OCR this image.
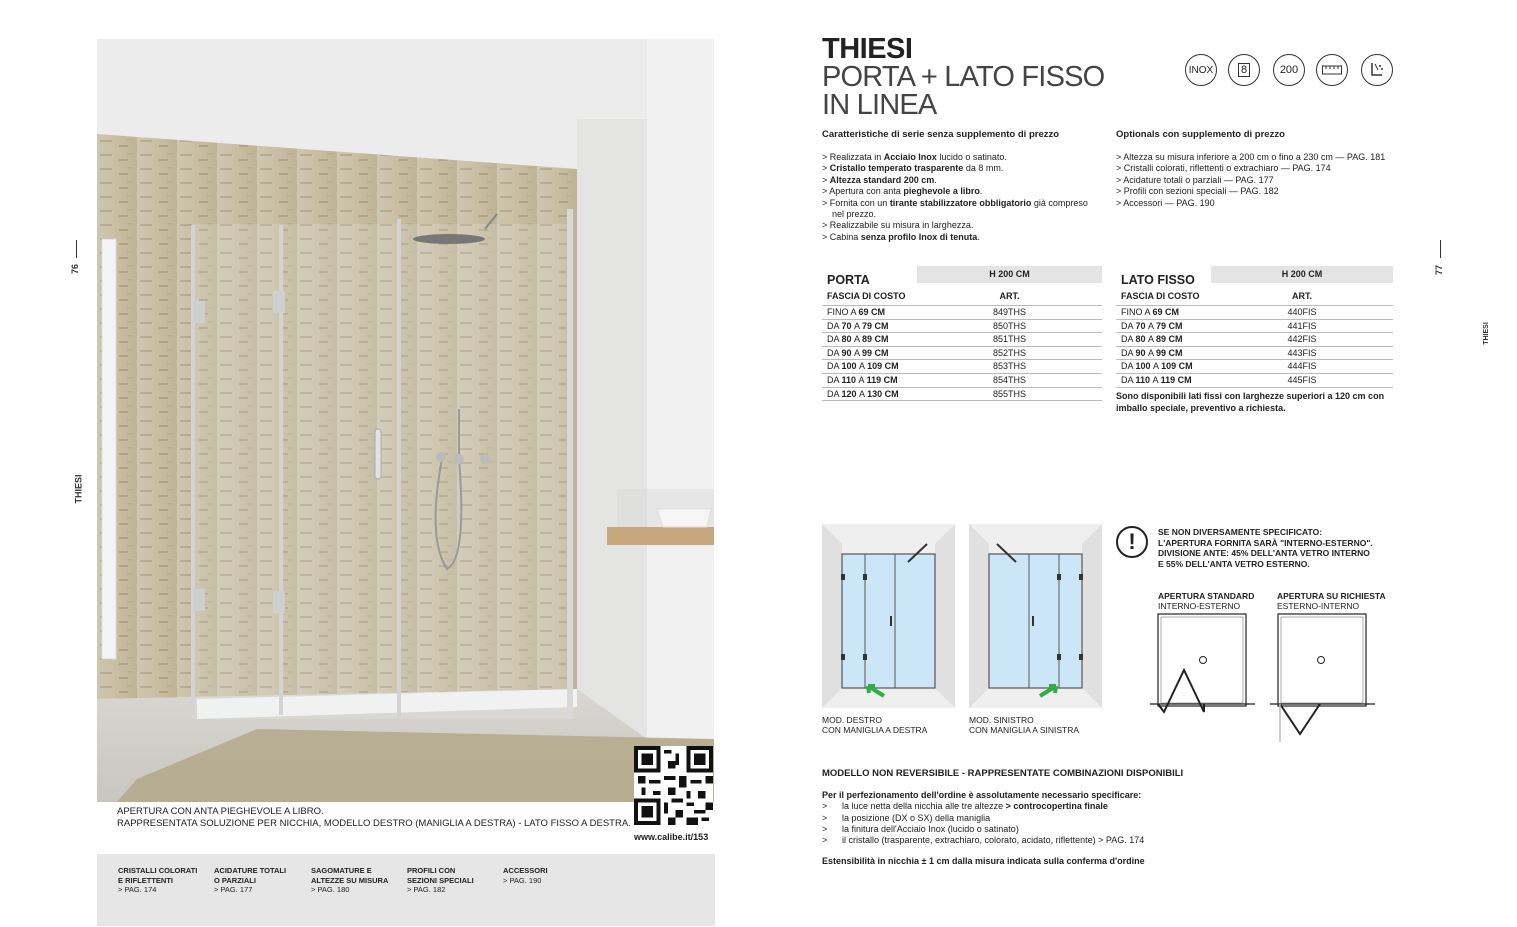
76
THIESI
APERTURA CON ANTA PIEGHEVOLE A LIBRO.
RAPPRESENTATA SOLUZIONE PER NICCHIA, MODELLO DESTRO (MANIGLIA A DESTRA) - LATO FISSO A DESTRA.
www.calibe.it/153
CRISTALLI COLORATI
E RIFLETTENTI
> PAG. 174
ACIDATURE TOTALI
O PARZIALI
> PAG. 177
SAGOMATURE E
ALTEZZE SU MISURA
> PAG. 180
PROFILI CON
SEZIONI SPECIALI
> PAG. 182
ACCESSORI
> PAG. 190
THIESI
PORTA + LATO FISSO
IN LINEA
INOX	8	200
77
THIESI
Caratteristiche di serie senza supplemento di prezzo
> Realizzata in Acciaio Inox lucido o satinato.
> Cristallo temperato trasparente da 8 mm.
> Altezza standard 200 cm.
> Apertura con anta pieghevole a libro.
> Fornita con un tirante stabilizzatore obbligatorio già compreso nel prezzo.
> Realizzabile su misura in larghezza.
> Cabina senza profilo Inox di tenuta.
Optionals con supplemento di prezzo
> Altezza su misura inferiore a 200 cm o fino a 230 cm — PAG. 181
> Cristalli colorati, riflettenti o extrachiaro — PAG. 174
> Acidature totali o parziali — PAG. 177
> Profili con sezioni speciali — PAG. 182
> Accessori — PAG. 190
PORTA	H 200 CM
FASCIA DI COSTO	ART.
FINO A 69 CM	849THS
DA 70 A 79 CM	850THS
DA 80 A 89 CM	851THS
DA 90 A 99 CM	852THS
DA 100 A 109 CM	853THS
DA 110 A 119 CM	854THS
DA 120 A 130 CM	855THS
LATO FISSO	H 200 CM
FASCIA DI COSTO	ART.
FINO A 69 CM	440FIS
DA 70 A 79 CM	441FIS
DA 80 A 89 CM	442FIS
DA 90 A 99 CM	443FIS
DA 100 A 109 CM	444FIS
DA 110 A 119 CM	445FIS
Sono disponibili lati fissi con larghezze superiori a 120 cm con
imballo speciale, preventivo a richiesta.
MOD. DESTRO
CON MANIGLIA A DESTRA
MOD. SINISTRO
CON MANIGLIA A SINISTRA
!	SE NON DIVERSAMENTE SPECIFICATO:
L'APERTURA FORNITA SARÀ "INTERNO-ESTERNO".
DIVISIONE ANTE: 45% DELL'ANTA VETRO INTERNO
E 55% DELL'ANTA VETRO ESTERNO.
APERTURA STANDARD
INTERNO-ESTERNO
APERTURA SU RICHIESTA
ESTERNO-INTERNO
MODELLO NON REVERSIBILE - RAPPRESENTATE COMBINAZIONI DISPONIBILI
Per il perfezionamento dell'ordine è assolutamente necessario specificare:
> la luce netta della nicchia alle tre altezze > controcopertina finale
> la posizione (DX o SX) della maniglia
> la finitura dell'Acciaio Inox (lucido o satinato)
> il cristallo (trasparente, extrachiaro, colorato, acidato, riflettente) > PAG. 174
Estensibilità in nicchia ± 1 cm dalla misura indicata sulla conferma d'ordine
